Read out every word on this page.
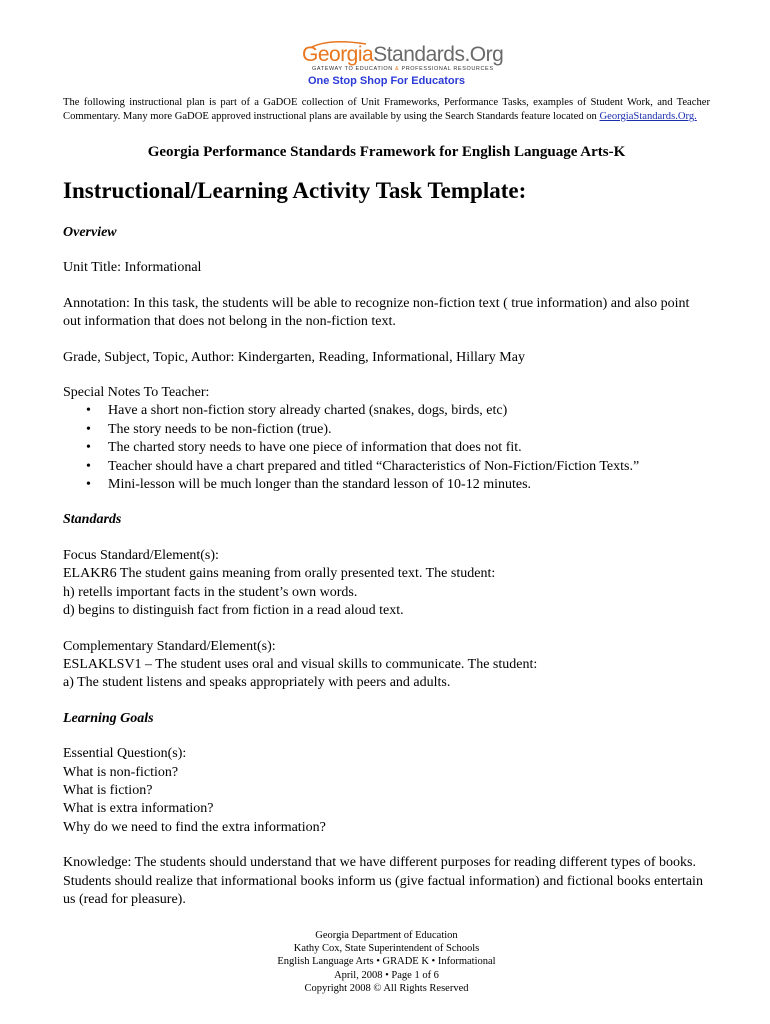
GeorgiaStandards.Org
GATEWAY TO EDUCATION & PROFESSIONAL RESOURCES
One Stop Shop For Educators
The following instructional plan is part of a GaDOE collection of Unit Frameworks, Performance Tasks, examples of Student Work, and Teacher Commentary. Many more GaDOE approved instructional plans are available by using the Search Standards feature located on GeorgiaStandards.Org.
Georgia Performance Standards Framework for English Language Arts-K
Instructional/Learning Activity Task Template:

Overview

Unit Title: Informational

Annotation: In this task, the students will be able to recognize non-fiction text ( true information) and also point out information that does not belong in the non-fiction text.

Grade, Subject, Topic, Author: Kindergarten, Reading, Informational, Hillary May

Special Notes To Teacher:

• Have a short non-fiction story already charted (snakes, dogs, birds, etc)
• The story needs to be non-fiction (true).
• The charted story needs to have one piece of information that does not fit.
• Teacher should have a chart prepared and titled “Characteristics of Non-Fiction/Fiction Texts.”
• Mini-lesson will be much longer than the standard lesson of 10-12 minutes.

Standards

Focus Standard/Element(s):

ELAKR6 The student gains meaning from orally presented text. The student:

h) retells important facts in the student’s own words.

d) begins to distinguish fact from fiction in a read aloud text.

Complementary Standard/Element(s):

ESLAKLSV1 – The student uses oral and visual skills to communicate. The student:

a) The student listens and speaks appropriately with peers and adults.

Learning Goals

Essential Question(s):

What is non-fiction?

What is fiction?

What is extra information?

Why do we need to find the extra information?

Knowledge: The students should understand that we have different purposes for reading different types of books. Students should realize that informational books inform us (give factual information) and fictional books entertain us (read for pleasure).

Georgia Department of Education
Kathy Cox, State Superintendent of Schools
English Language Arts • GRADE K • Informational
April, 2008 • Page 1 of 6
Copyright 2008 © All Rights Reserved
